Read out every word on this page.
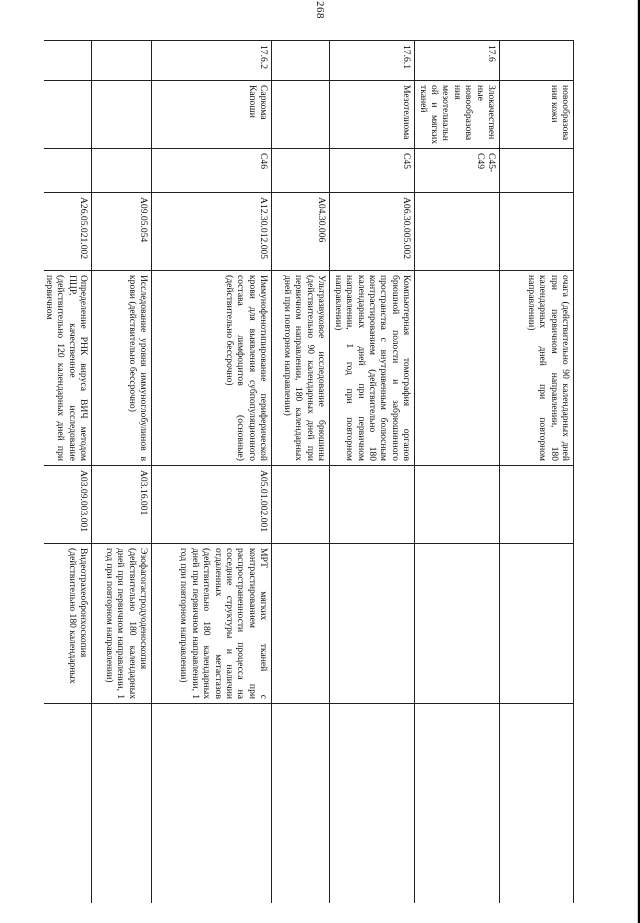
268
	новообразования кожи			очага (действительно 90 календарных дней при первичном направлении, 180 календарных дней при повторном направлении)			
17.6	Злокачественные новообразования мезотелиальной и мягких тканей	C45-C49					
17.6.1	Мезотелиома	C45	A06.30.005.002	Компьютерная томография органов брюшной полости и забрюшинного пространства с внутривенным болюсным контрастированием (действительно 180 календарных дней при первичном направлении, 1 год при повторном направлении)			
			A04.30.006	Ультразвуковое исследование брюшины (действительно 90 календарных дней при первичном направлении, 180 календарных дней при повторном направлении)			
17.6.2	Саркома Капоши	C46	A12.30.012.005	Иммунофенотипирование периферической крови для выявления субпопуляционного состава лимфоцитов (основные) (действительно бессрочно)	A05.01.002.001	МРТ мягких тканей с контрастированием при распространенности процесса на соседние структуры и наличии отдаленных метастазов (действительно 180 календарных дней при первичном направлении, 1 год при повторном направлении)	
			A09.05.054	Исследование уровня иммуноглобулинов в крови (действительно бессрочно)	A03.16.001	Эзофагогастродуоденоскопия (действительно 180 календарных дней при первичном направлении, 1 год при повторном направлении)	
			A26.05.021.002	Определение РНК вируса ВИЧ методом ПЦР, качественное исследование (действительно 120 календарных дней при первичном	A03.09.003.001	Видеотрахеобронхоскопия (действительно 180 календарных	
